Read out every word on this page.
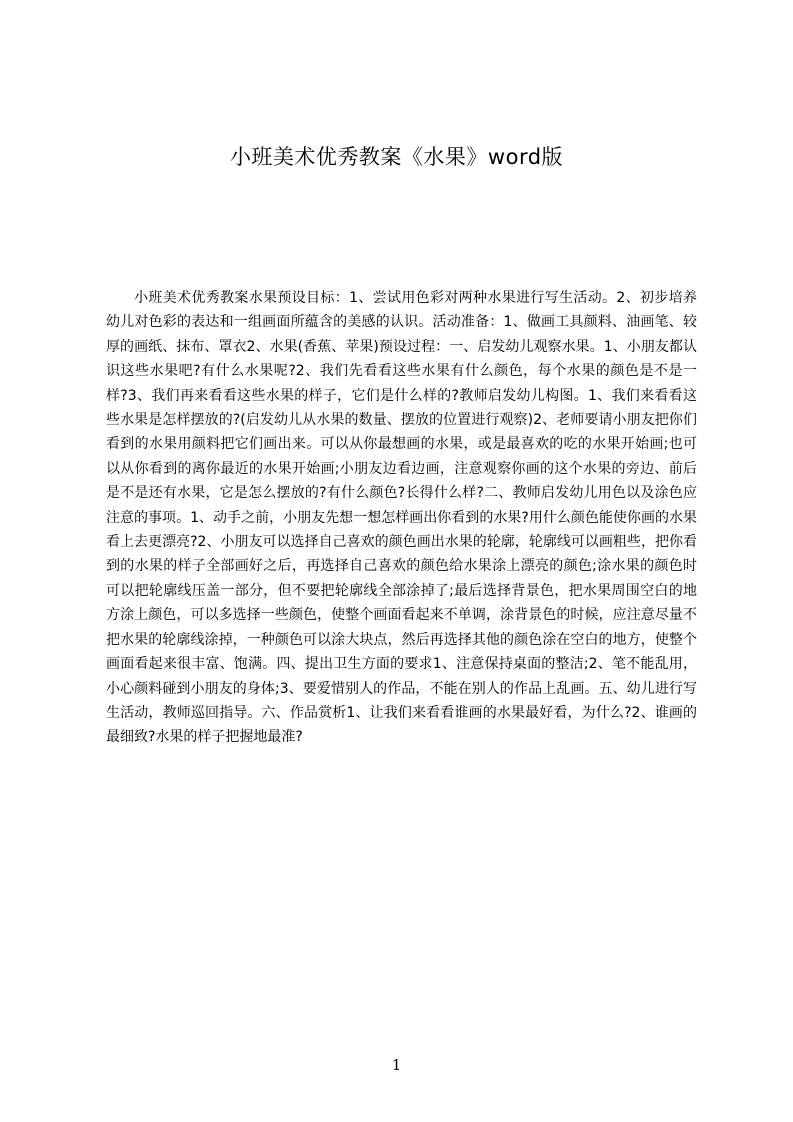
小班美术优秀教案《水果》word版

小班美术优秀教案水果预设目标：1、尝试用色彩对两种水果进行写生活动。2、初步培养幼儿对色彩的表达和一组画面所蕴含的美感的认识。活动准备：1、做画工具颜料、油画笔、较厚的画纸、抹布、罩衣2、水果(香蕉、苹果)预设过程：一、启发幼儿观察水果。1、小朋友都认识这些水果吧?有什么水果呢?2、我们先看看这些水果有什么颜色，每个水果的颜色是不是一样?3、我们再来看看这些水果的样子，它们是什么样的?教师启发幼儿构图。1、我们来看看这些水果是怎样摆放的?(启发幼儿从水果的数量、摆放的位置进行观察)2、老师要请小朋友把你们看到的水果用颜料把它们画出来。可以从你最想画的水果，或是最喜欢的吃的水果开始画;也可以从你看到的离你最近的水果开始画;小朋友边看边画，注意观察你画的这个水果的旁边、前后是不是还有水果，它是怎么摆放的?有什么颜色?长得什么样?二、教师启发幼儿用色以及涂色应注意的事项。1、动手之前，小朋友先想一想怎样画出你看到的水果?用什么颜色能使你画的水果看上去更漂亮?2、小朋友可以选择自己喜欢的颜色画出水果的轮廓，轮廓线可以画粗些，把你看到的水果的样子全部画好之后，再选择自己喜欢的颜色给水果涂上漂亮的颜色;涂水果的颜色时可以把轮廓线压盖一部分，但不要把轮廓线全部涂掉了;最后选择背景色，把水果周围空白的地方涂上颜色，可以多选择一些颜色，使整个画面看起来不单调，涂背景色的时候，应注意尽量不把水果的轮廓线涂掉，一种颜色可以涂大块点，然后再选择其他的颜色涂在空白的地方，使整个画面看起来很丰富、饱满。四、提出卫生方面的要求1、注意保持桌面的整洁;2、笔不能乱用，小心颜料碰到小朋友的身体;3、要爱惜别人的作品，不能在别人的作品上乱画。五、幼儿进行写生活动，教师巡回指导。六、作品赏析1、让我们来看看谁画的水果最好看，为什么?2、谁画的最细致?水果的样子把握地最准?

1
